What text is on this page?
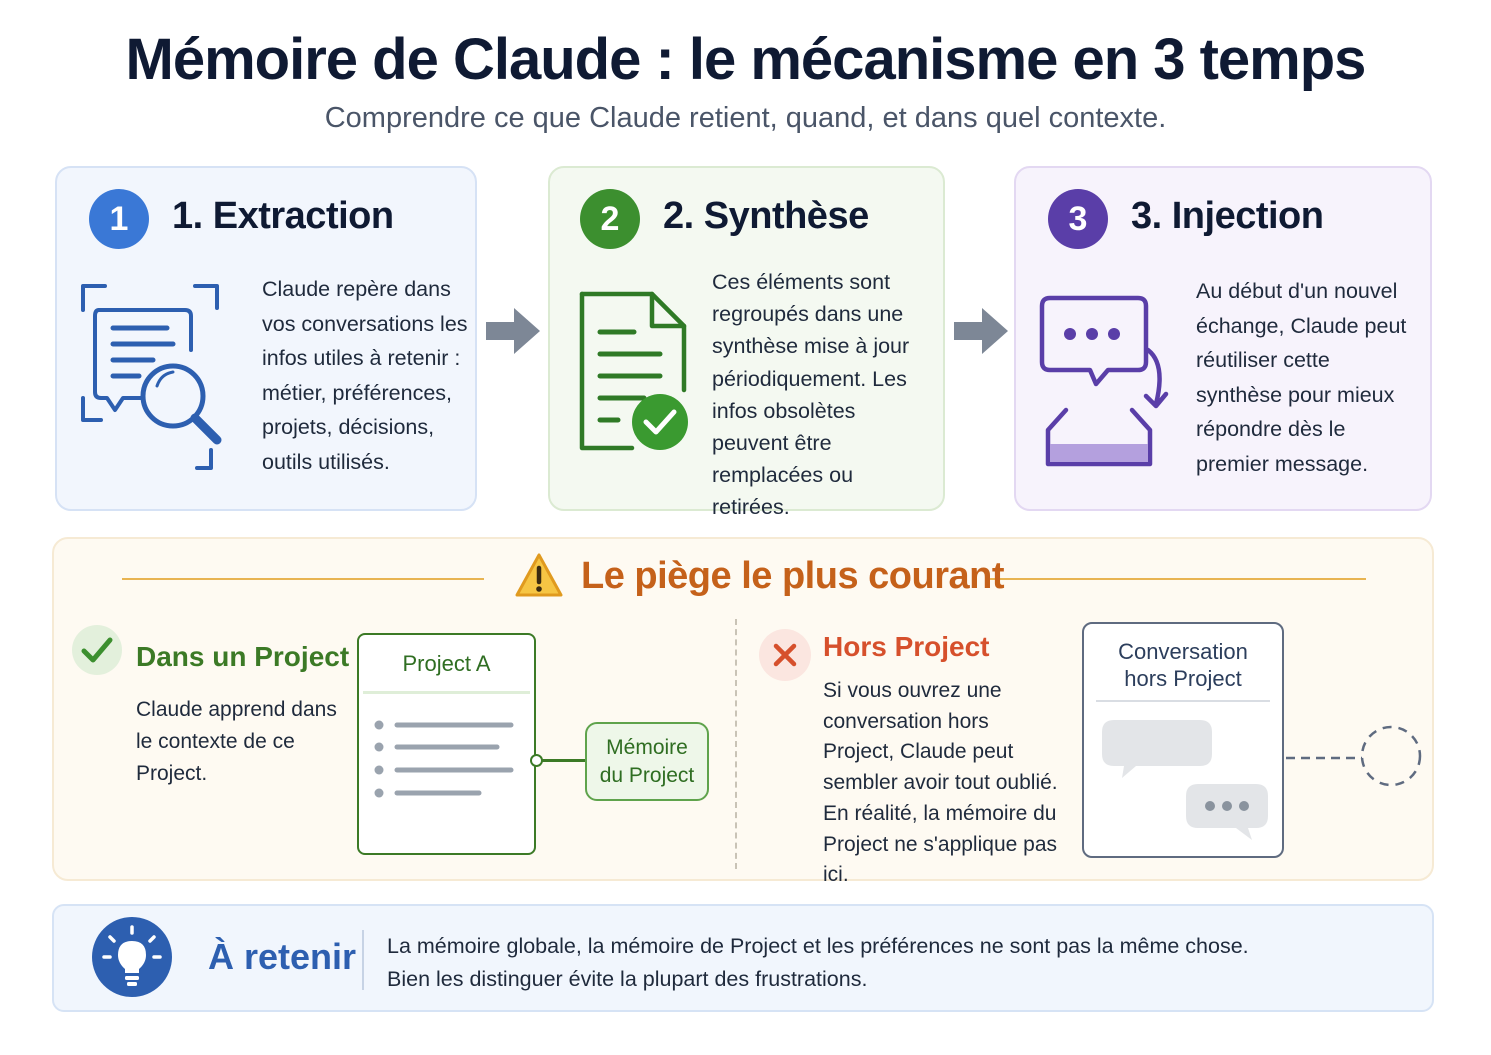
Mémoire de Claude : le mécanisme en 3 temps
Comprendre ce que Claude retient, quand, et dans quel contexte.
1	1. Extraction
Claude repère dans vos conversations les infos utiles à retenir : métier, préférences, projets, décisions, outils utilisés.
2	2. Synthèse
Ces éléments sont regroupés dans une synthèse mise à jour périodiquement. Les infos obsolètes peuvent être remplacées ou retirées.
3	3. Injection
Au début d'un nouvel échange, Claude peut réutiliser cette synthèse pour mieux répondre dès le premier message.
Le piège le plus courant
Dans un Project
Claude apprend dans le contexte de ce Project.
Project A
Mémoire
du Project
Hors Project
Si vous ouvrez une conversation hors Project, Claude peut sembler avoir tout oublié. En réalité, la mémoire du Project ne s'applique pas ici.
Conversation
hors Project
À retenir La mémoire globale, la mémoire de Project et les préférences ne sont pas la même chose.
Bien les distinguer évite la plupart des frustrations.
